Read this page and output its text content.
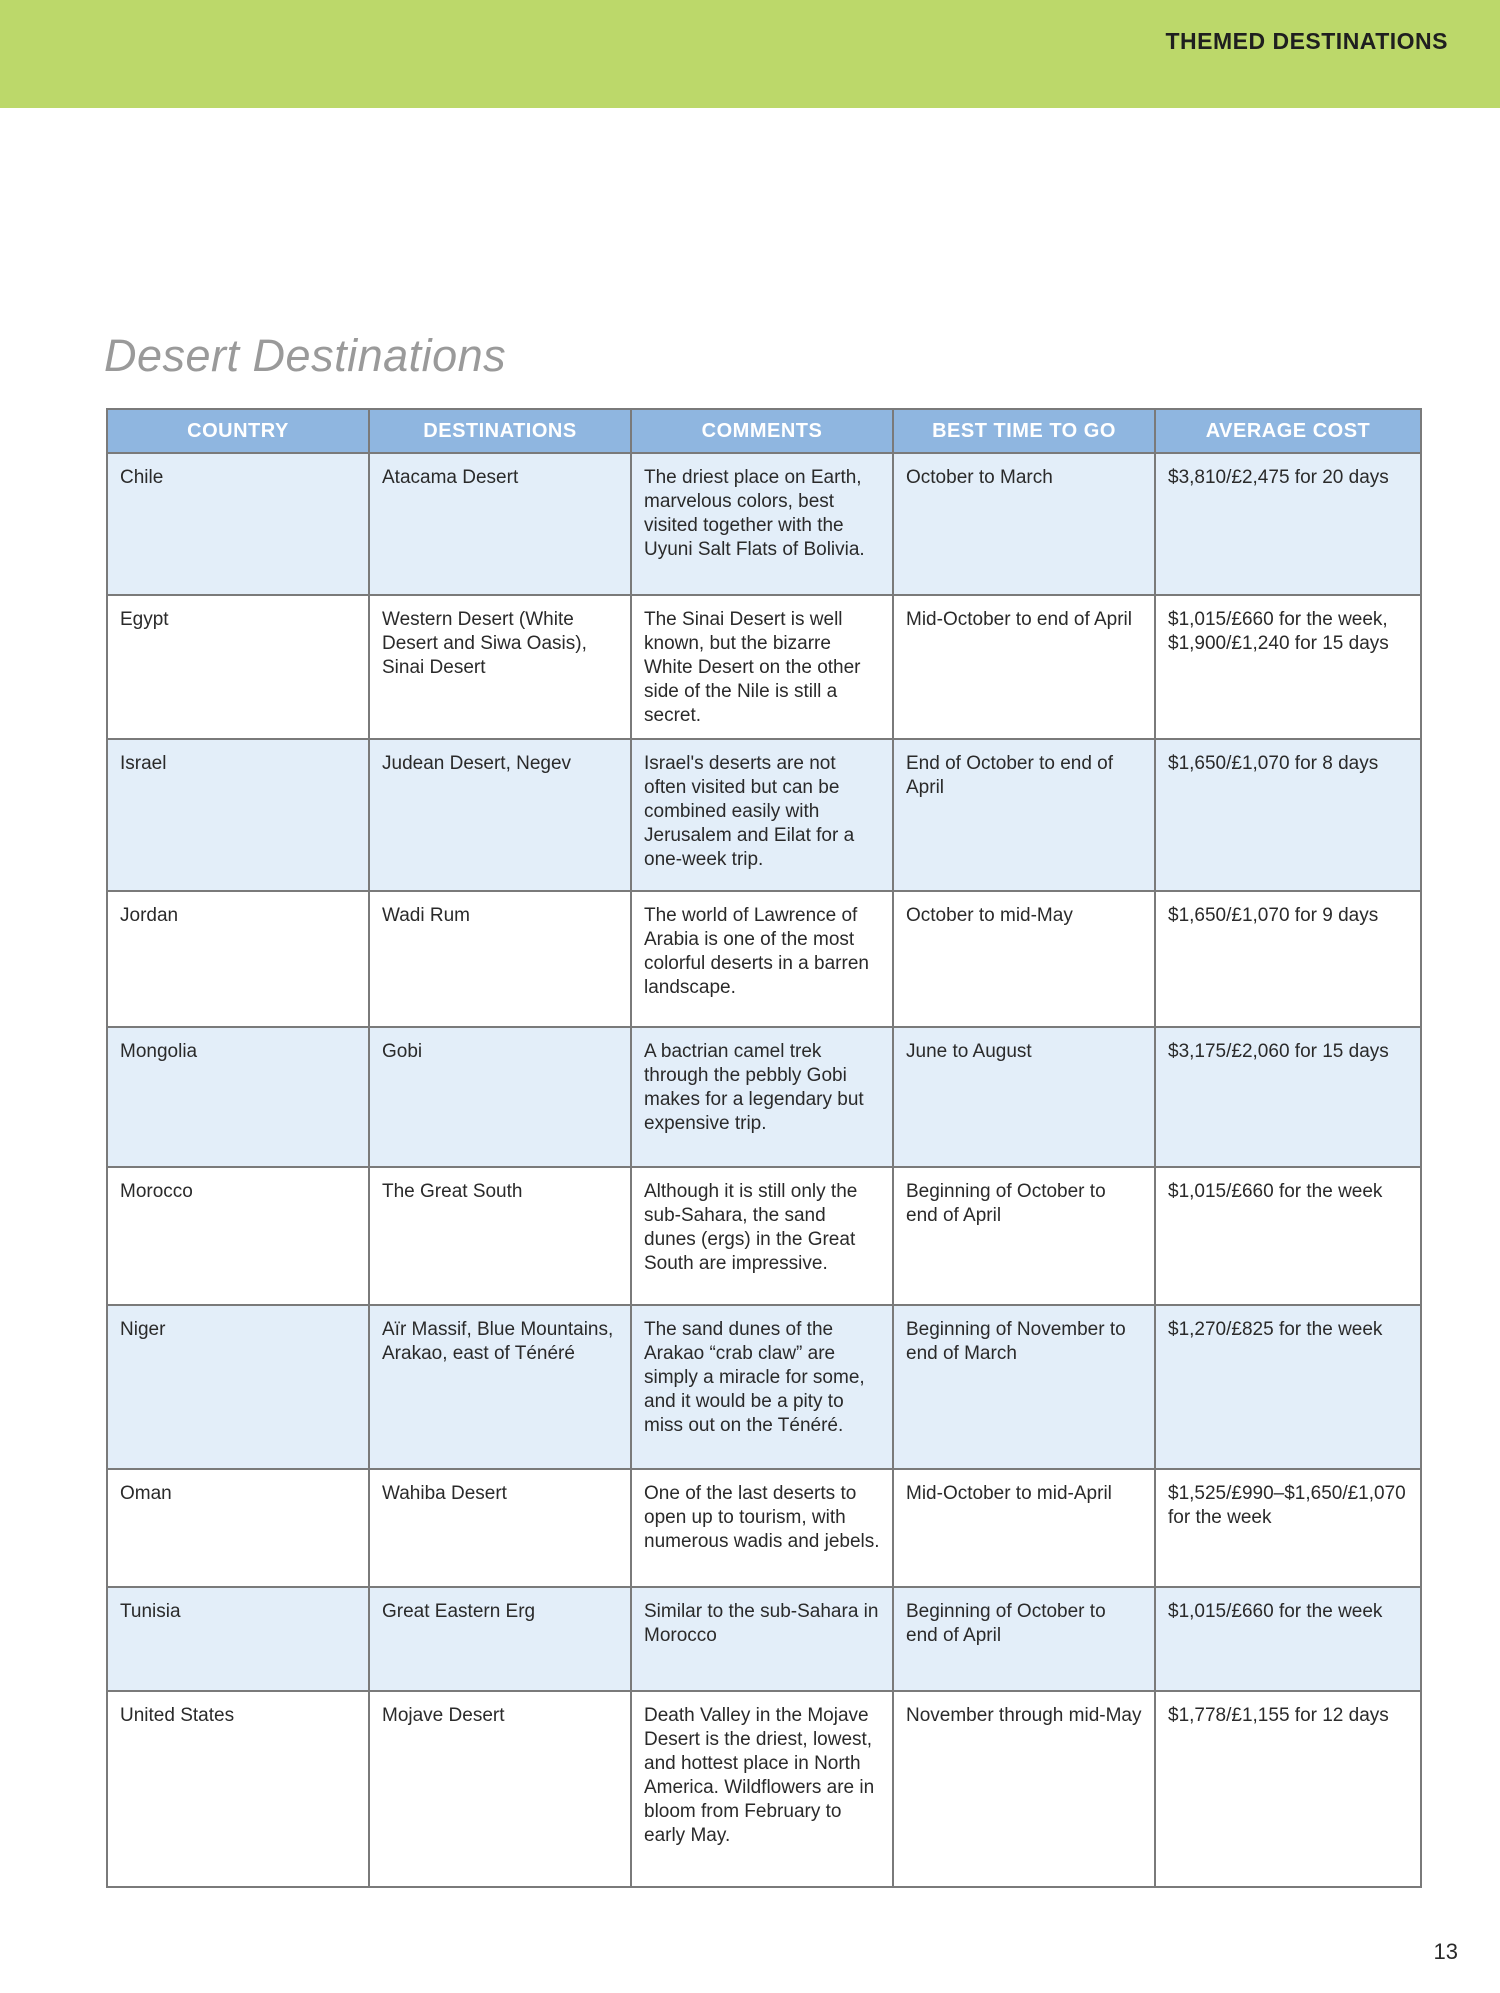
THEMED DESTINATIONS
Desert Destinations
COUNTRY	DESTINATIONS	COMMENTS	BEST TIME TO GO	AVERAGE COST
Chile	Atacama Desert	The driest place on Earth, marvelous colors, best visited together with the Uyuni Salt Flats of Bolivia.	October to March	$3,810/£2,475 for 20 days
Egypt	Western Desert (White Desert and Siwa Oasis), Sinai Desert	The Sinai Desert is well known, but the bizarre White Desert on the other side of the Nile is still a secret.	Mid-October to end of April	$1,015/£660 for the week, $1,900/£1,240 for 15 days
Israel	Judean Desert, Negev	Israel's deserts are not often visited but can be combined easily with Jerusalem and Eilat for a one-week trip.	End of October to end of April	$1,650/£1,070 for 8 days
Jordan	Wadi Rum	The world of Lawrence of Arabia is one of the most colorful deserts in a barren landscape.	October to mid-May	$1,650/£1,070 for 9 days
Mongolia	Gobi	A bactrian camel trek through the pebbly Gobi makes for a legendary but expensive trip.	June to August	$3,175/£2,060 for 15 days
Morocco	The Great South	Although it is still only the sub-Sahara, the sand dunes (ergs) in the Great South are impressive.	Beginning of October to end of April	$1,015/£660 for the week
Niger	Aïr Massif, Blue Mountains, Arakao, east of Ténéré	The sand dunes of the Arakao “crab claw” are simply a miracle for some, and it would be a pity to miss out on the Ténéré.	Beginning of November to end of March	$1,270/£825 for the week
Oman	Wahiba Desert	One of the last deserts to open up to tourism, with numerous wadis and jebels.	Mid-October to mid-April	$1,525/£990–$1,650/£1,070 for the week
Tunisia	Great Eastern Erg	Similar to the sub-Sahara in Morocco	Beginning of October to end of April	$1,015/£660 for the week
United States	Mojave Desert	Death Valley in the Mojave Desert is the driest, lowest, and hottest place in North America. Wildflowers are in bloom from February to early May.	November through mid-May	$1,778/£1,155 for 12 days
13
